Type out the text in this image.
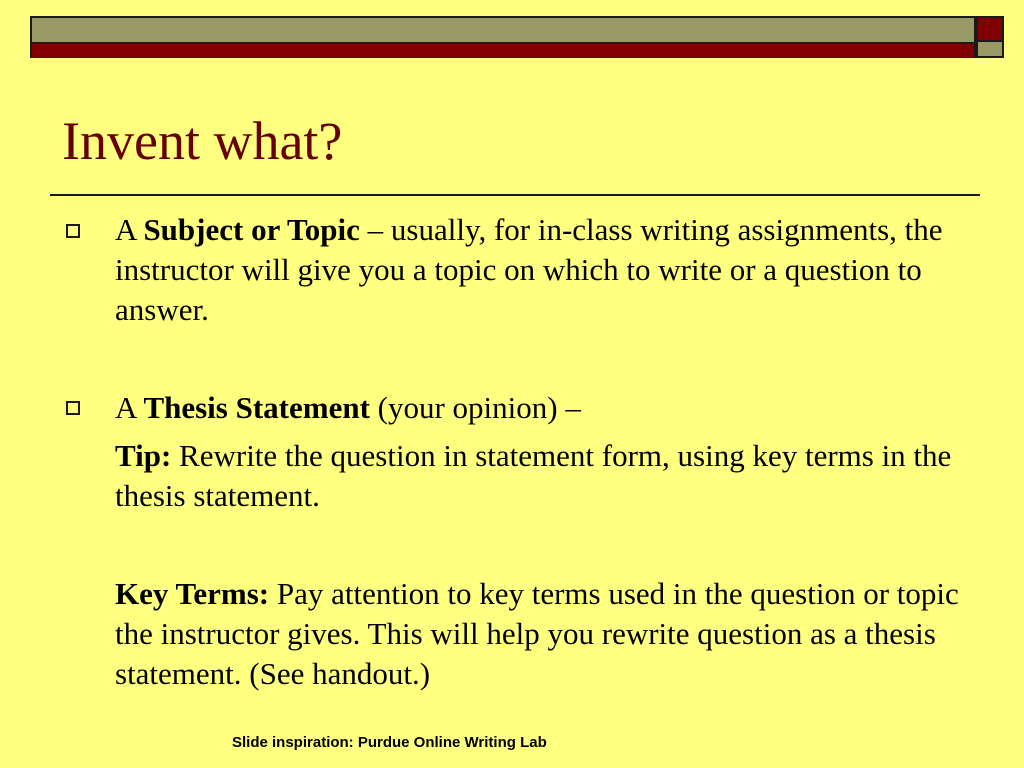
Invent what?
A Subject or Topic – usually, for in-class writing assignments, the instructor will give you a topic on which to write or a question to answer.
A Thesis Statement (your opinion) –
Tip: Rewrite the question in statement form, using key terms in the thesis statement.
Key Terms: Pay attention to key terms used in the question or topic the instructor gives. This will help you rewrite question as a thesis statement. (See handout.)
Slide inspiration: Purdue Online Writing Lab
